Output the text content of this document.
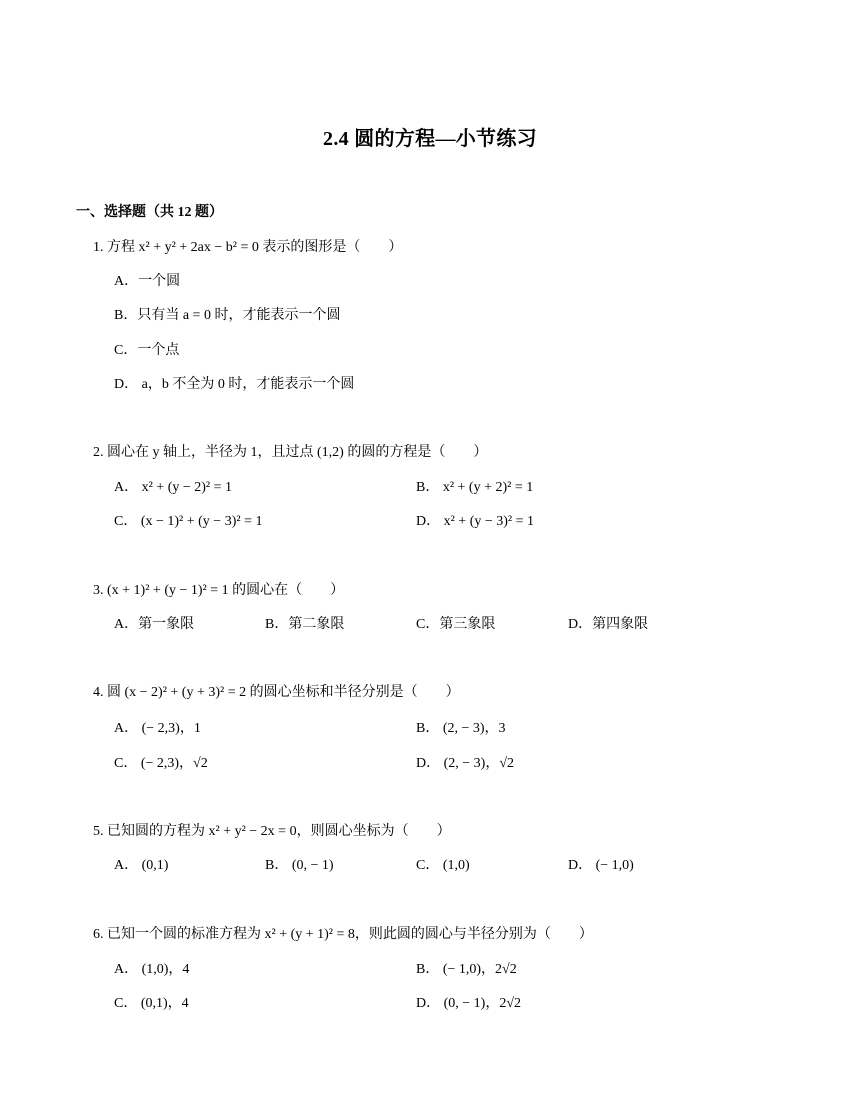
2.4 圆的方程—小节练习
一、选择题（共 12 题）
1. 方程 x² + y² + 2ax − b² = 0 表示的图形是（　　）
A．一个圆
B．只有当 a = 0 时，才能表示一个圆
C．一个点
D． a，b 不全为 0 时，才能表示一个圆
2. 圆心在 y 轴上，半径为 1，且过点 (1,2) 的圆的方程是（　　）
A． x² + (y − 2)² = 1	B． x² + (y + 2)² = 1
C． (x − 1)² + (y − 3)² = 1	D． x² + (y − 3)² = 1
3. (x + 1)² + (y − 1)² = 1 的圆心在（　　）
A．第一象限	B．第二象限	C．第三象限	D．第四象限
4. 圆 (x − 2)² + (y + 3)² = 2 的圆心坐标和半径分别是（　　）
A． (− 2,3)，1	B． (2, − 3)，3
C． (− 2,3)，√2	D． (2, − 3)，√2
5. 已知圆的方程为 x² + y² − 2x = 0，则圆心坐标为（　　）
A． (0,1)	B． (0, − 1)	C． (1,0)	D． (− 1,0)
6. 已知一个圆的标准方程为 x² + (y + 1)² = 8，则此圆的圆心与半径分别为（　　）
A． (1,0)，4	B． (− 1,0)，2√2
C． (0,1)，4	D． (0, − 1)，2√2
